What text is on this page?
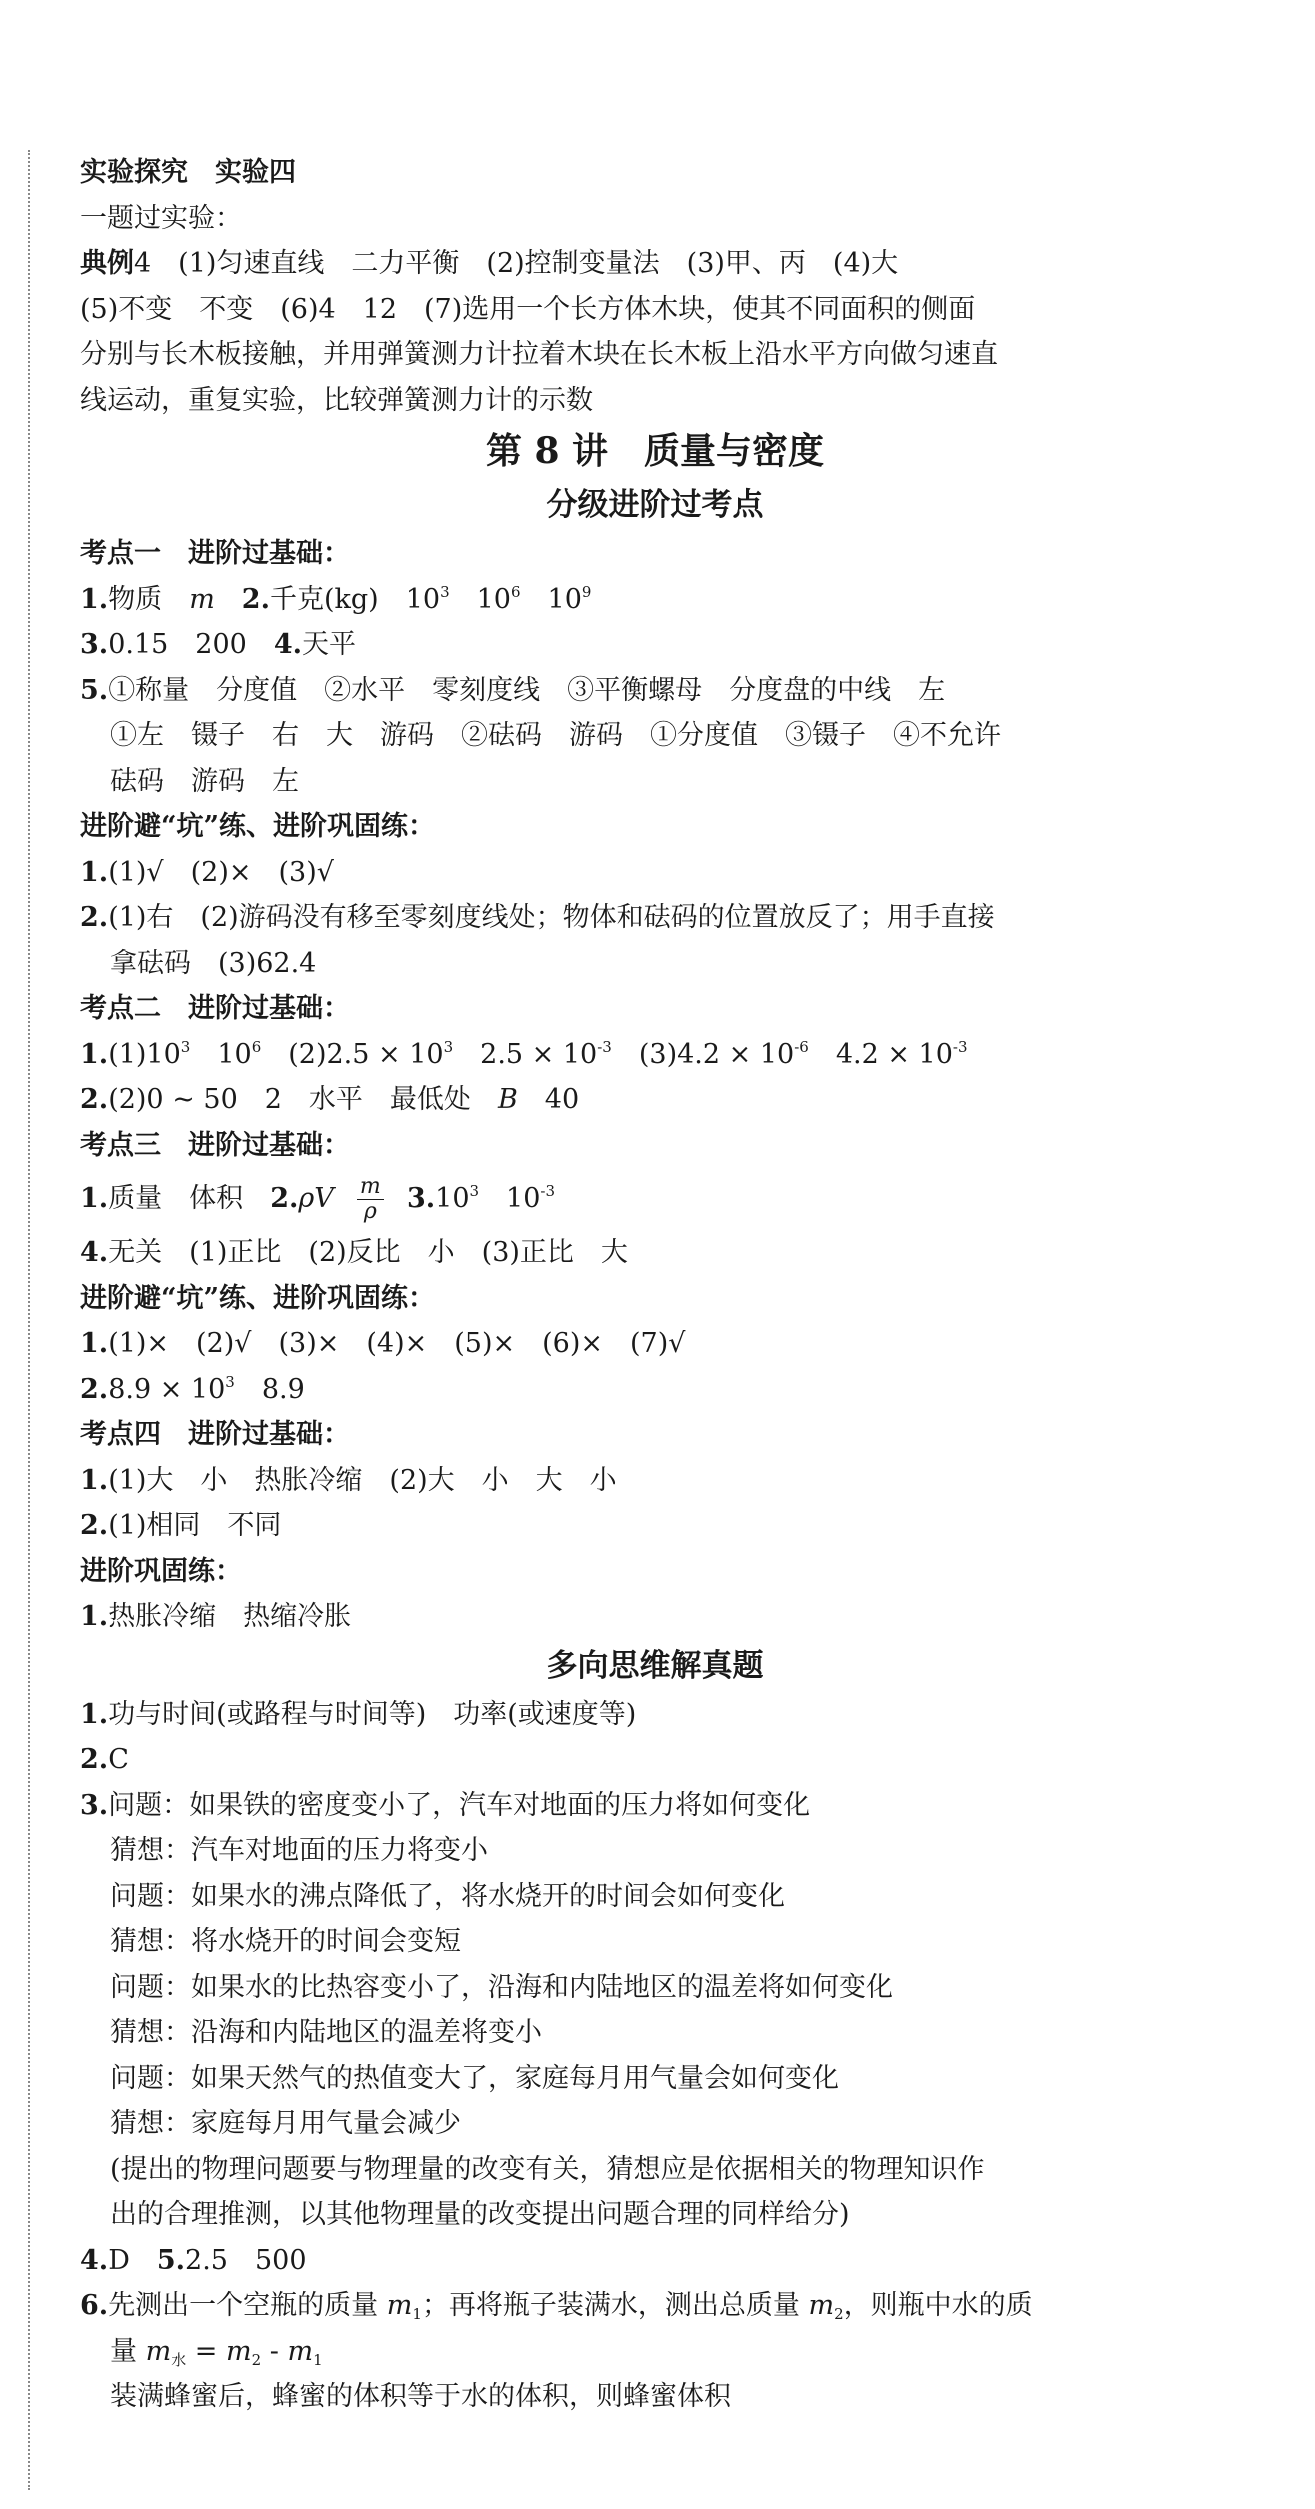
实验探究　实验四
一题过实验：
典例4　(1)匀速直线　二力平衡　(2)控制变量法　(3)甲、丙　(4)大
(5)不变　不变　(6)4　12　(7)选用一个长方体木块，使其不同面积的侧面
分别与长木板接触，并用弹簧测力计拉着木块在长木板上沿水平方向做匀速直
线运动，重复实验，比较弹簧测力计的示数
第 8 讲　质量与密度
分级进阶过考点
考点一　进阶过基础：
1.物质　m　2.千克(kg)　$10^3$　$10^6$　$10^9$
3.0.15　200　4.天平
5.①称量　分度值　②水平　零刻度线　③平衡螺母　分度盘的中线　左
①左　镊子　右　大　游码　②砝码　游码　①分度值　③镊子　④不允许
砝码　游码　左
进阶避“坑”练、进阶巩固练：
1.(1)√　(2)×　(3)√
2.(1)右　(2)游码没有移至零刻度线处；物体和砝码的位置放反了；用手直接
拿砝码　(3)62.4
考点二　进阶过基础：
$1.(1)10^3$　$10^6$　$(2)2.5 \times 10^3$　$2.5 \times 10^{-3}$　$(3)4.2 \times 10^{-6}$　$4.2 \times 10^{-3}$
2.(2)0 ~ 50　2　水平　最低处　B　40
考点三　进阶过基础：
1.质量　体积　$2.\rho V \frac{m}{\rho} 3.10^3$　$10^{-3}$
4.无关　(1)正比　(2)反比　小　(3)正比　大
进阶避“坑”练、进阶巩固练：
1.(1)×　(2)√　(3)×　(4)×　(5)×　(6)×　(7)√
$2.8.9 \times 10^3$　8.9
考点四　进阶过基础：
1.(1)大　小　热胀冷缩　(2)大　小　大　小
2.(1)相同　不同
进阶巩固练：
1.热胀冷缩　热缩冷胀
多向思维解真题
1.功与时间(或路程与时间等)　功率(或速度等)
2.C
3.问题：如果铁的密度变小了，汽车对地面的压力将如何变化
猜想：汽车对地面的压力将变小
问题：如果水的沸点降低了，将水烧开的时间会如何变化
猜想：将水烧开的时间会变短
问题：如果水的比热容变小了，沿海和内陆地区的温差将如何变化
猜想：沿海和内陆地区的温差将变小
问题：如果天然气的热值变大了，家庭每月用气量会如何变化
猜想：家庭每月用气量会减少
(提出的物理问题要与物理量的改变有关，猜想应是依据相关的物理知识作
出的合理推测，以其他物理量的改变提出问题合理的同样给分)
4.D　5.2.5　500
6.先测出一个空瓶的质量 $m_1$；再将瓶子装满水，测出总质量 $m_2$，则瓶中水的质
量 $m_水 = m_2 - m_1$
装满蜂蜜后，蜂蜜的体积等于水的体积，则蜂蜜体积
